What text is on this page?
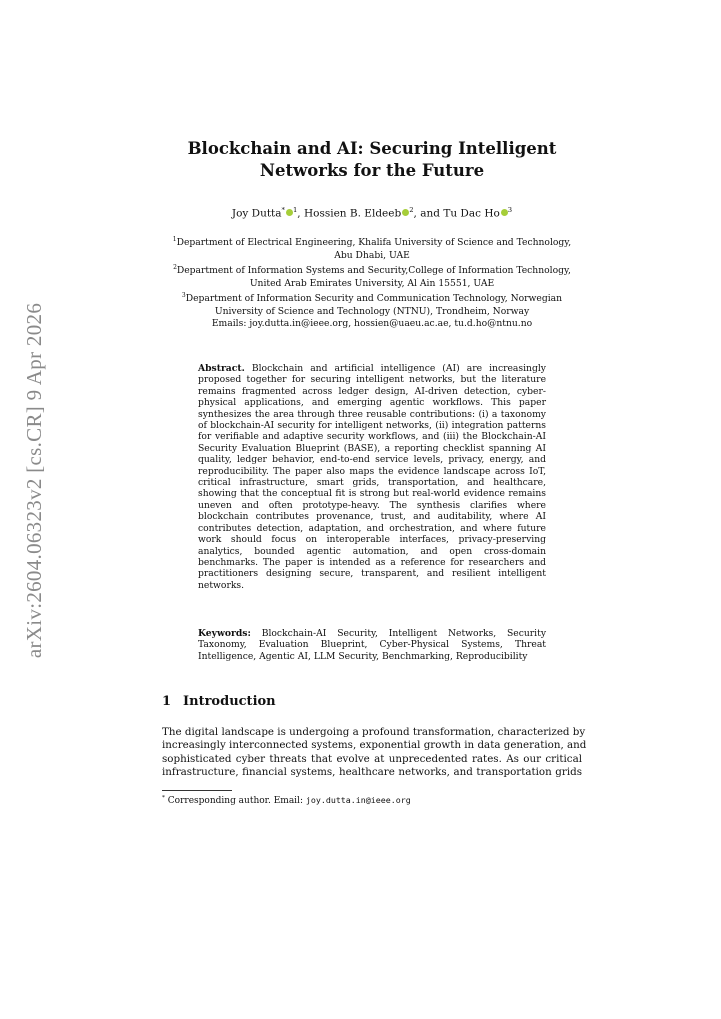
arXiv:2604.06323v2 [cs.CR] 9 Apr 2026
Blockchain and AI: Securing Intelligent
Networks for the Future
Joy Dutta* $^1$, Hossien B. Eldeeb $^2$, and Tu Dac Ho $^3$
$^1$Department of Electrical Engineering, Khalifa University of Science and Technology,
Abu Dhabi, UAE
$^2$Department of Information Systems and Security,College of Information Technology,
United Arab Emirates University, Al Ain 15551, UAE
$^3$Department of Information Security and Communication Technology, Norwegian
University of Science and Technology (NTNU), Trondheim, Norway
Emails: joy.dutta.in@ieee.org, hossien@uaeu.ac.ae, tu.d.ho@ntnu.no
Abstract. Blockchain and artificial intelligence (AI) are increasingly proposed together for securing intelligent networks, but the literature remains fragmented across ledger design, AI-driven detection, cyber-physical applications, and emerging agentic workflows. This paper synthesizes the area through three reusable contributions: (i) a taxonomy of blockchain-AI security for intelligent networks, (ii) integration patterns for verifiable and adaptive security workflows, and (iii) the Blockchain-AI Security Evaluation Blueprint (BASE), a reporting checklist spanning AI quality, ledger behavior, end-to-end service levels, privacy, energy, and reproducibility. The paper also maps the evidence landscape across IoT, critical infrastructure, smart grids, transportation, and healthcare, showing that the conceptual fit is strong but real-world evidence remains uneven and often prototype-heavy. The synthesis clarifies where blockchain contributes provenance, trust, and auditability, where AI contributes detection, adaptation, and orchestration, and where future work should focus on interoperable interfaces, privacy-preserving analytics, bounded agentic automation, and open cross-domain benchmarks. The paper is intended as a reference for researchers and practitioners designing secure, transparent, and resilient intelligent networks.
Keywords: Blockchain-AI Security, Intelligent Networks, Security Taxonomy, Evaluation Blueprint, Cyber-Physical Systems, Threat Intelligence, Agentic AI, LLM Security, Benchmarking, Reproducibility
1 Introduction
The digital landscape is undergoing a profound transformation, characterized by
increasingly interconnected systems, exponential growth in data generation, and
sophisticated cyber threats that evolve at unprecedented rates. As our critical
infrastructure, financial systems, healthcare networks, and transportation grids
* Corresponding author. Email: joy.dutta.in@ieee.org
